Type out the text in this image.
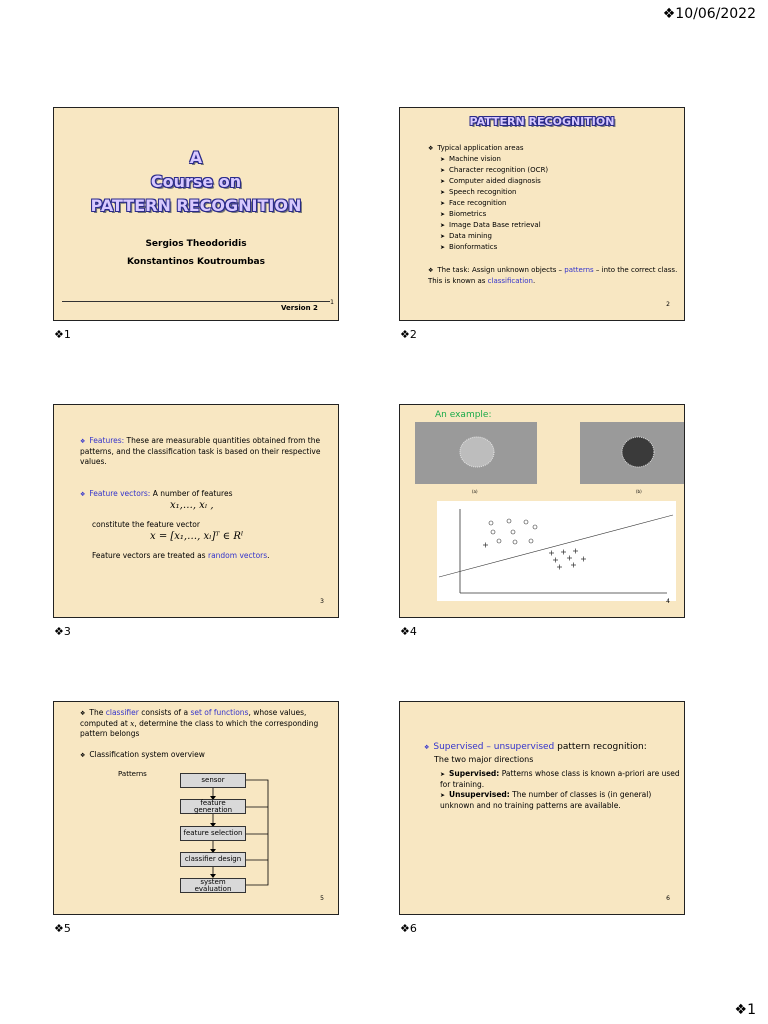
❖10/06/2022
A
Course on
PATTERN RECOGNITION
Sergios Theodoridis
Konstantinos Koutroumbas
Version 2
1
❖1
PATTERN RECOGNITION
❖ Typical application areas
➤ Machine vision
➤ Character recognition (OCR)
➤ Computer aided diagnosis
➤ Speech recognition
➤ Face recognition
➤ Biometrics
➤ Image Data Base retrieval
➤ Data mining
➤ Bionformatics
❖ The task: Assign unknown objects – patterns – into the correct class. This is known as classification.
2
❖2
❖ Features: These are measurable quantities obtained from the patterns, and the classification task is based on their respective values.
❖ Feature vectors: A number of features
x₁,…, xₗ ,
constitute the feature vector
x = [x₁,…, xₗ]ᵀ ∈ Rˡ
Feature vectors are treated as random vectors.
3
❖3
An example:
(a)	(b)
4
❖4
❖ The classifier consists of a set of functions, whose values, computed at x, determine the class to which the corresponding pattern belongs
❖ Classification system overview
Patterns
sensor
feature generation
feature selection
classifier design
system evaluation
5
❖5
❖ Supervised – unsupervised pattern recognition:
The two major directions
➤ Supervised: Patterns whose class is known a-priori are used for training.
➤ Unsupervised: The number of classes is (in general) unknown and no training patterns are available.
6
❖6
❖1
